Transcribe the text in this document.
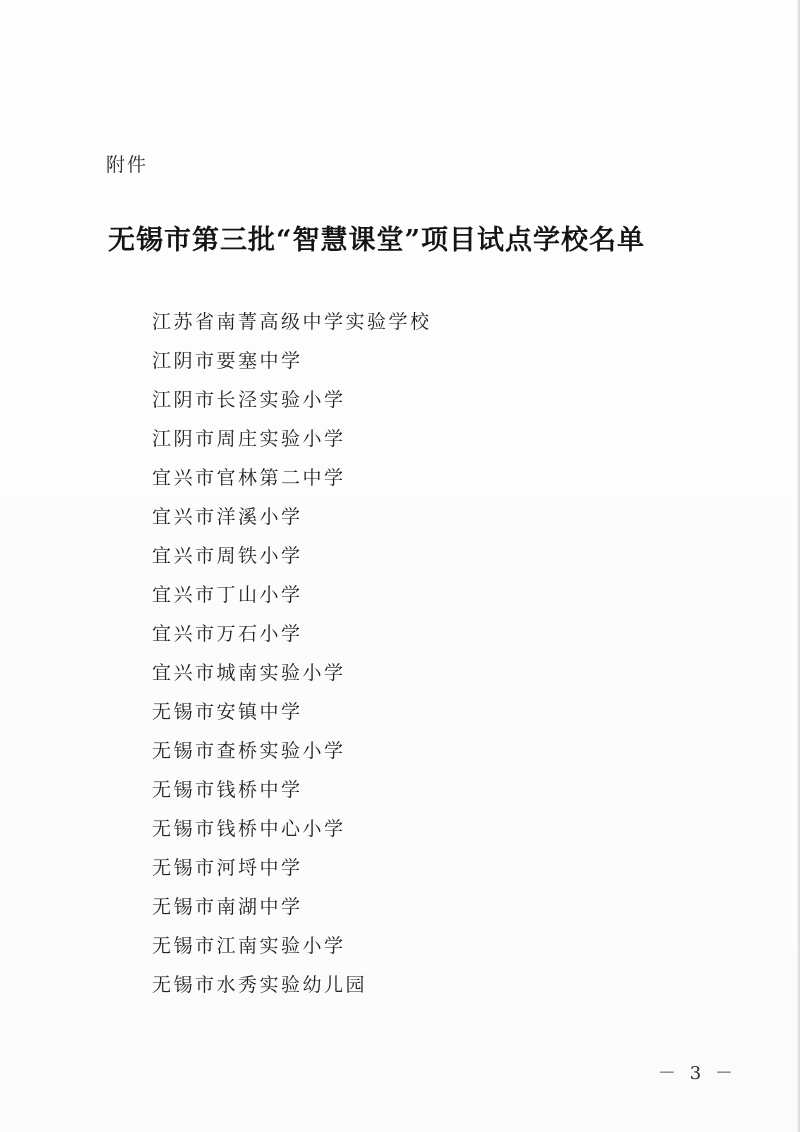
附件
无锡市第三批“智慧课堂”项目试点学校名单
江苏省南菁高级中学实验学校
江阴市要塞中学
江阴市长泾实验小学
江阴市周庄实验小学
宜兴市官林第二中学
宜兴市洋溪小学
宜兴市周铁小学
宜兴市丁山小学
宜兴市万石小学
宜兴市城南实验小学
无锡市安镇中学
无锡市查桥实验小学
无锡市钱桥中学
无锡市钱桥中心小学
无锡市河埒中学
无锡市南湖中学
无锡市江南实验小学
无锡市水秀实验幼儿园
－ 3 －
